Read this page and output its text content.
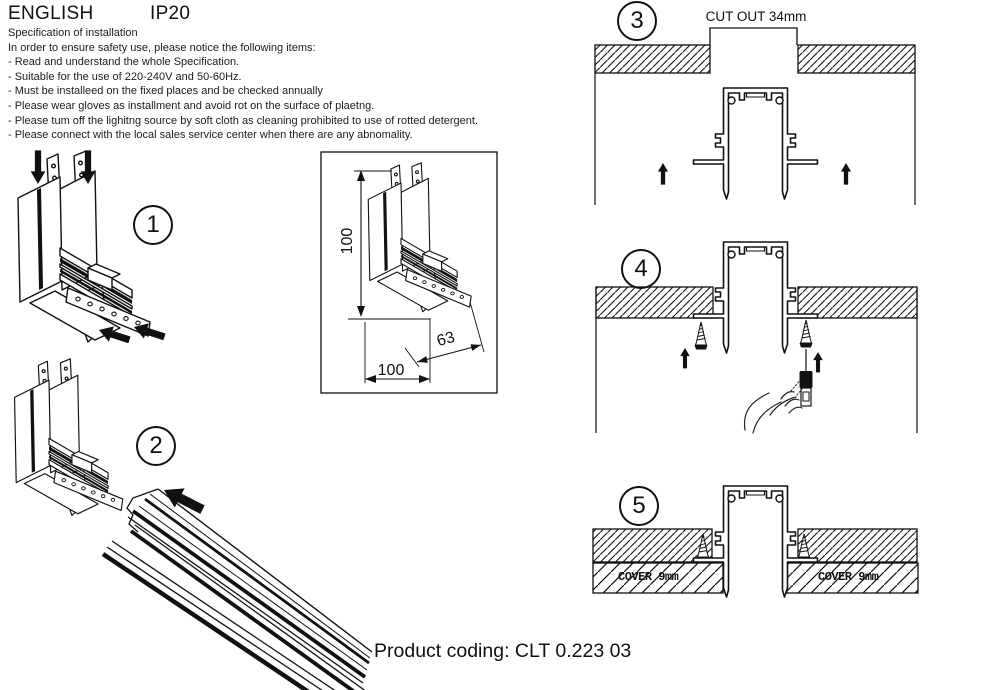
ENGLISH	IP20
Specification of installation
In order to ensure safety use, please notice the following items:
- Read and understand the whole Specification.
- Suitable for the use of 220-240V and 50-60Hz.
- Must be installeed on the fixed places and be checked annually
- Please wear gloves as installment and avoid rot on the surface of plaetng.
- Please tum off the lighitng source by soft cloth as cleaning prohibited to use of rotted detergent.
- Please connect with the local sales service center when there are any abnomality.
1
2
3
4
5
CUT OUT 34mm
COVER 9mm	COVER 9mm
100
63
100
Product coding: CLT 0.223 03
